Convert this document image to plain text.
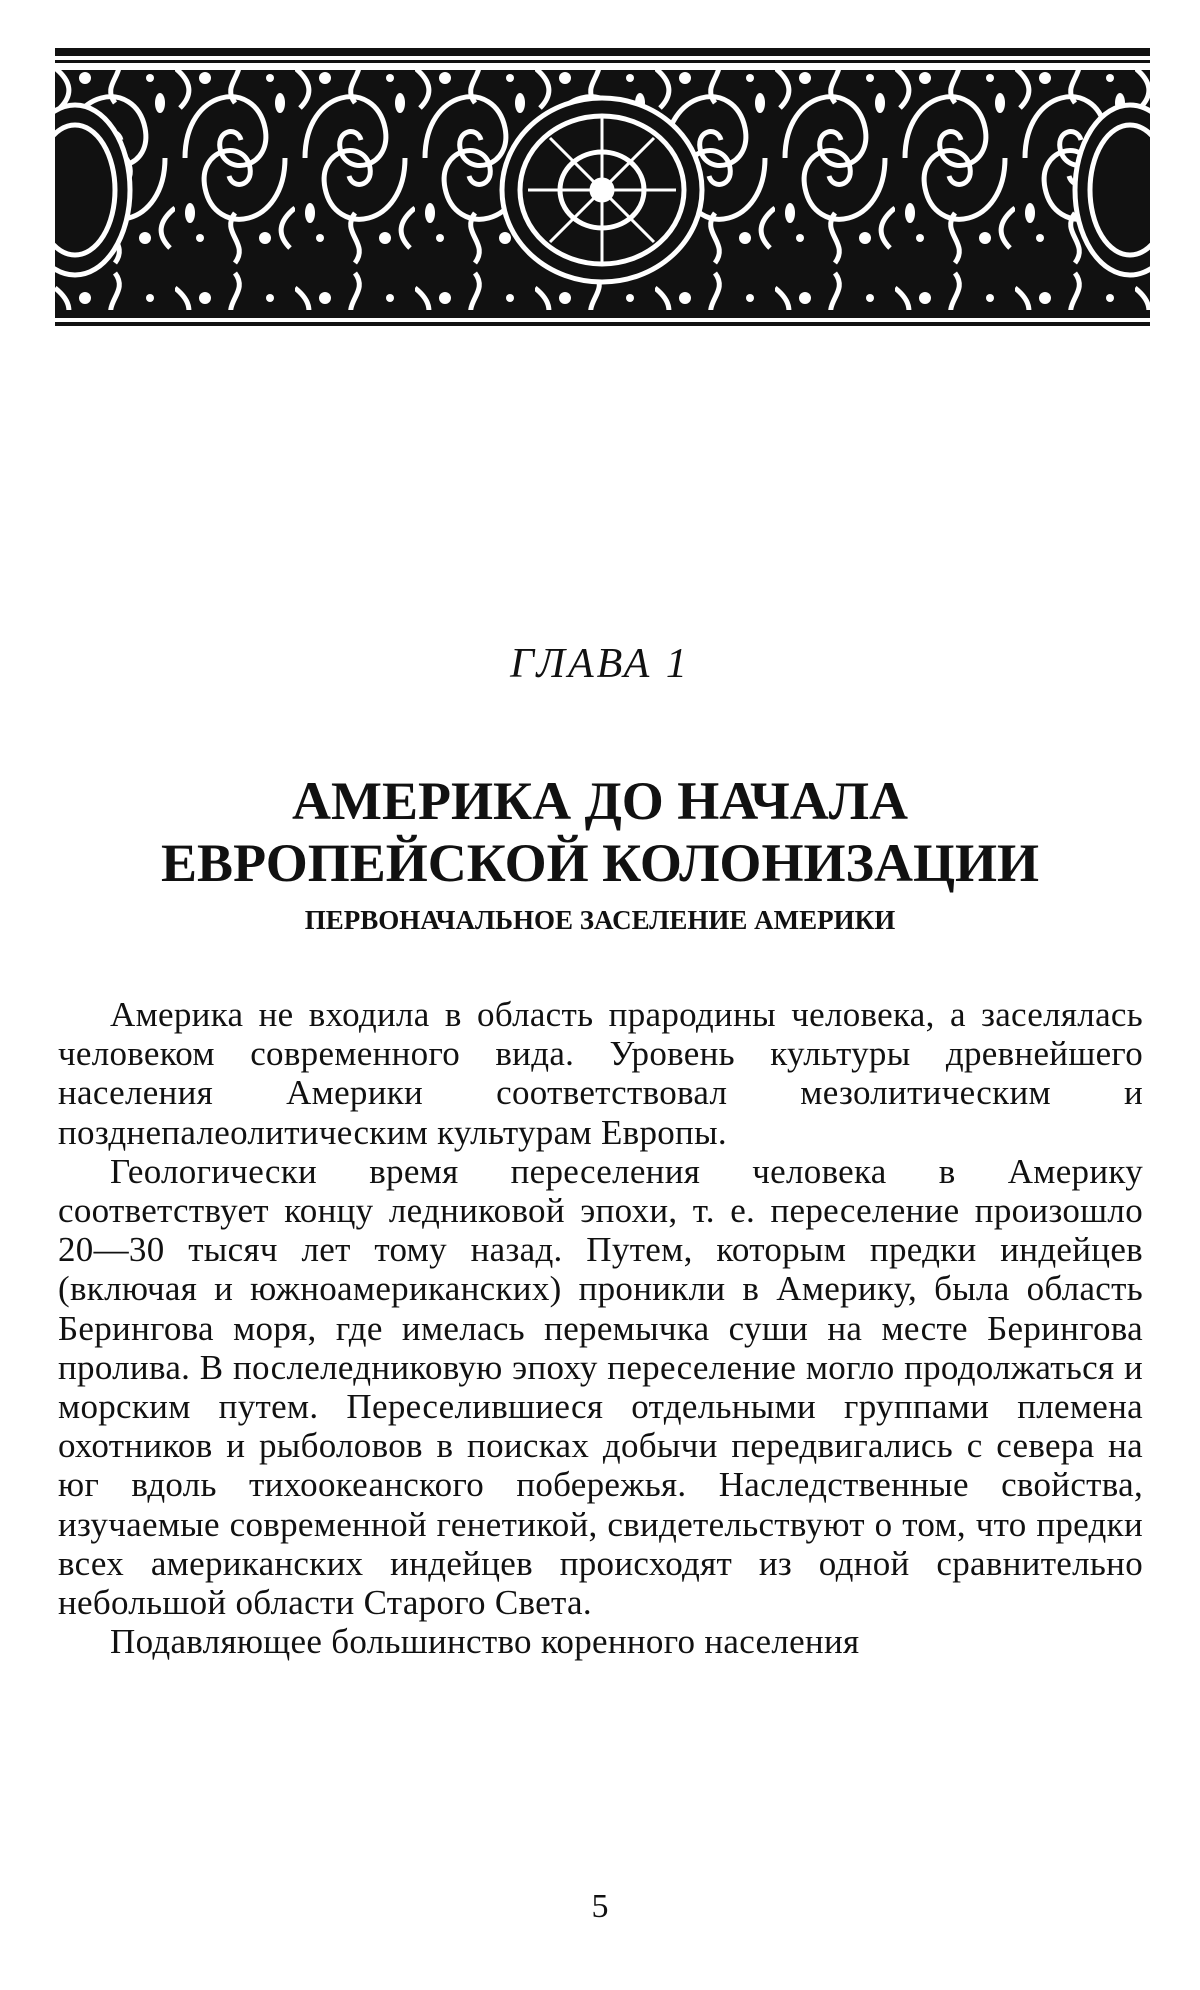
ГЛАВА 1
АМЕРИКА ДО НАЧАЛА
ЕВРОПЕЙСКОЙ КОЛОНИЗАЦИИ
ПЕРВОНАЧАЛЬНОЕ ЗАСЕЛЕНИЕ АМЕРИКИ

Америка не входила в область прародины человека, а заселялась человеком современного вида. Уровень культуры древнейшего населения Америки соответствовал мезолитическим и позднепалеолитическим культурам Европы.

Геологически время переселения человека в Америку соответствует концу ледниковой эпохи, т. е. переселение произошло 20—30 тысяч лет тому назад. Путем, которым предки индейцев (включая и южноамериканских) проникли в Америку, была область Берингова моря, где имелась перемычка суши на месте Берингова пролива. В послеледниковую эпоху переселение могло продолжаться и морским путем. Переселившиеся отдельными группами племена охотников и рыболовов в поисках добычи передвигались с севера на юг вдоль тихоокеанского побережья. Наследственные свойства, изучаемые современной генетикой, свидетельствуют о том, что предки всех американских индейцев происходят из одной сравнительно небольшой области Старого Света.

Подавляющее большинство коренного населения

5
